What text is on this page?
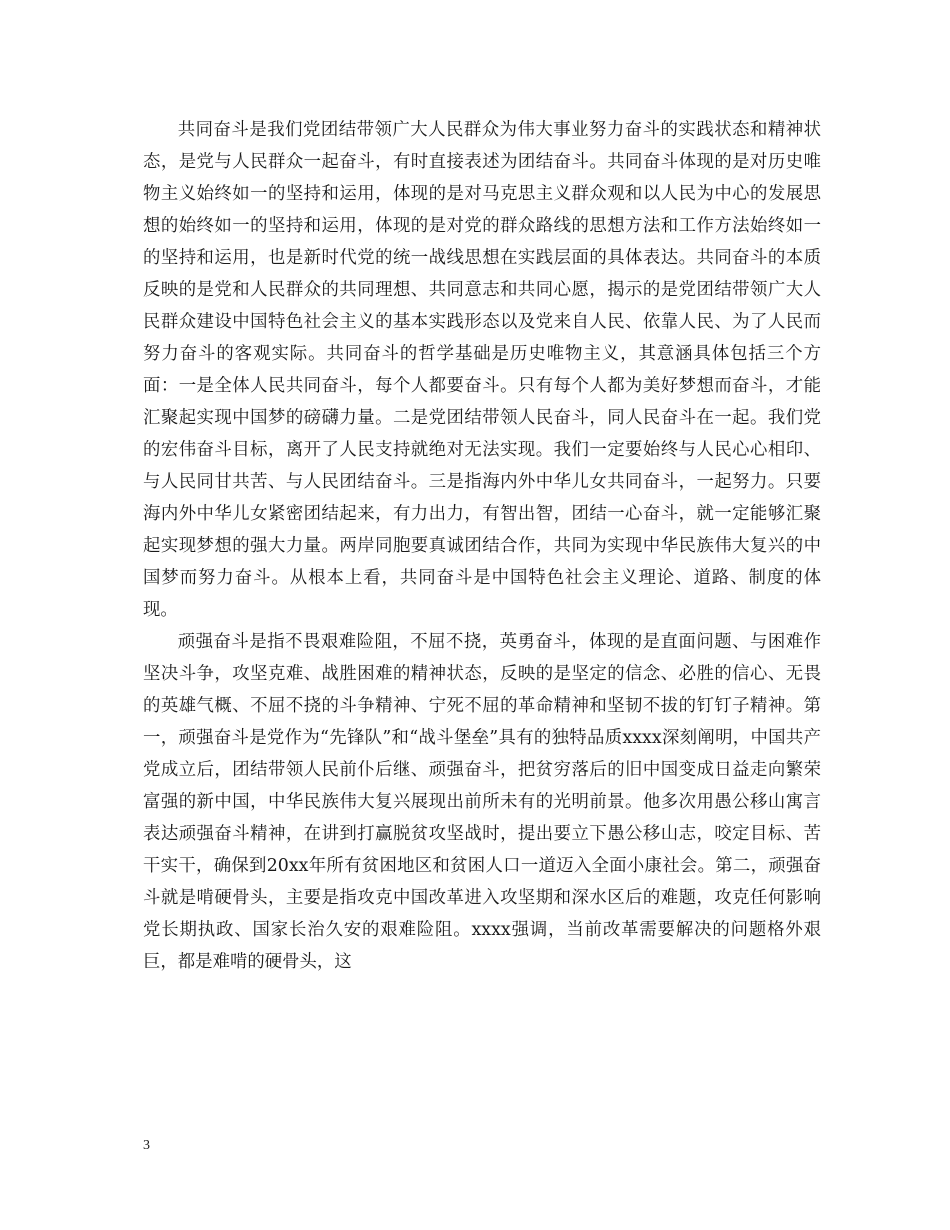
共同奋斗是我们党团结带领广大人民群众为伟大事业努力奋斗的实践状态和精神状态，是党与人民群众一起奋斗，有时直接表述为团结奋斗。共同奋斗体现的是对历史唯物主义始终如一的坚持和运用，体现的是对马克思主义群众观和以人民为中心的发展思想的始终如一的坚持和运用，体现的是对党的群众路线的思想方法和工作方法始终如一的坚持和运用，也是新时代党的统一战线思想在实践层面的具体表达。共同奋斗的本质反映的是党和人民群众的共同理想、共同意志和共同心愿，揭示的是党团结带领广大人民群众建设中国特色社会主义的基本实践形态以及党来自人民、依靠人民、为了人民而努力奋斗的客观实际。共同奋斗的哲学基础是历史唯物主义，其意涵具体包括三个方面：一是全体人民共同奋斗，每个人都要奋斗。只有每个人都为美好梦想而奋斗，才能汇聚起实现中国梦的磅礴力量。二是党团结带领人民奋斗，同人民奋斗在一起。我们党的宏伟奋斗目标，离开了人民支持就绝对无法实现。我们一定要始终与人民心心相印、与人民同甘共苦、与人民团结奋斗。三是指海内外中华儿女共同奋斗，一起努力。只要海内外中华儿女紧密团结起来，有力出力，有智出智，团结一心奋斗，就一定能够汇聚起实现梦想的强大力量。两岸同胞要真诚团结合作，共同为实现中华民族伟大复兴的中国梦而努力奋斗。从根本上看，共同奋斗是中国特色社会主义理论、道路、制度的体现。

顽强奋斗是指不畏艰难险阻，不屈不挠，英勇奋斗，体现的是直面问题、与困难作坚决斗争，攻坚克难、战胜困难的精神状态，反映的是坚定的信念、必胜的信心、无畏的英雄气概、不屈不挠的斗争精神、宁死不屈的革命精神和坚韧不拔的钉钉子精神。第一，顽强奋斗是党作为“先锋队”和“战斗堡垒”具有的独特品质xxxx深刻阐明，中国共产党成立后，团结带领人民前仆后继、顽强奋斗，把贫穷落后的旧中国变成日益走向繁荣富强的新中国，中华民族伟大复兴展现出前所未有的光明前景。他多次用愚公移山寓言表达顽强奋斗精神，在讲到打赢脱贫攻坚战时，提出要立下愚公移山志，咬定目标、苦干实干，确保到20xx年所有贫困地区和贫困人口一道迈入全面小康社会。第二，顽强奋斗就是啃硬骨头，主要是指攻克中国改革进入攻坚期和深水区后的难题，攻克任何影响党长期执政、国家长治久安的艰难险阻。xxxx强调，当前改革需要解决的问题格外艰巨，都是难啃的硬骨头，这

3
